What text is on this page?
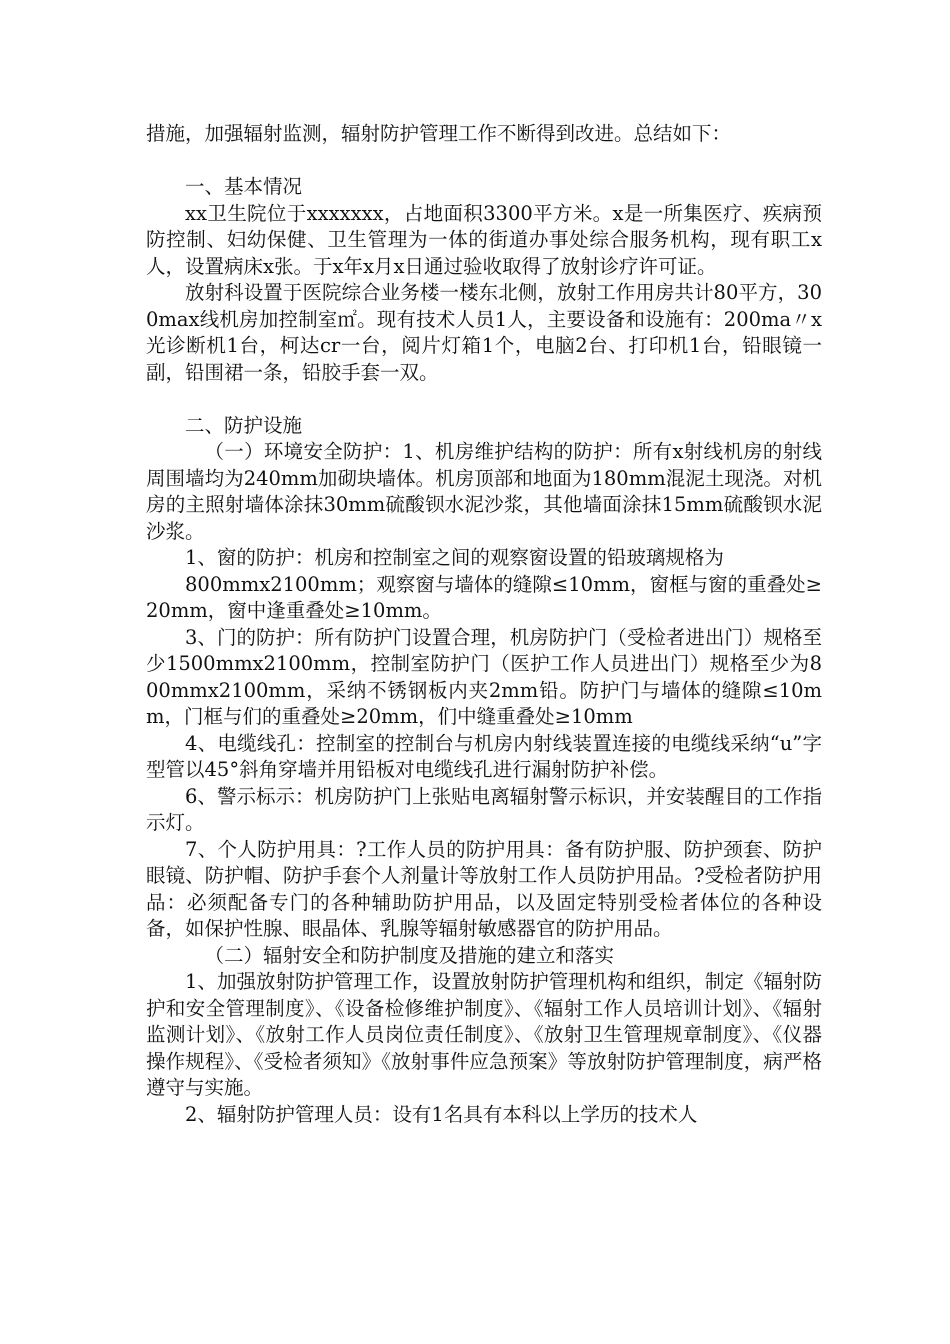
措施，加强辐射监测，辐射防护管理工作不断得到改进。总结如下：

一、基本情况

xx卫生院位于xxxxxxx，占地面积3300平方米。x是一所集医疗、疾病预防控制、妇幼保健、卫生管理为一体的街道办事处综合服务机构，现有职工x人，设置病床x张。于x年x月x日通过验收取得了放射诊疗许可证。

放射科设置于医院综合业务楼一楼东北侧，放射工作用房共计80平方，300max线机房加控制室㎡。现有技术人员1人，主要设备和设施有：200ma〃x光诊断机1台，柯达cr一台，阅片灯箱1个，电脑2台、打印机1台，铅眼镜一副，铅围裙一条，铅胶手套一双。

二、防护设施

（一）环境安全防护：1、机房维护结构的防护：所有x射线机房的射线周围墙均为240mm加砌块墙体。机房顶部和地面为180mm混泥土现浇。对机房的主照射墙体涂抹30mm硫酸钡水泥沙浆，其他墙面涂抹15mm硫酸钡水泥沙浆。

1、窗的防护：机房和控制室之间的观察窗设置的铅玻璃规格为

800mmx2100mm；观察窗与墙体的缝隙≤10mm，窗框与窗的重叠处≥20mm，窗中逢重叠处≥10mm。

3、门的防护：所有防护门设置合理，机房防护门（受检者进出门）规格至少1500mmx2100mm，控制室防护门（医护工作人员进出门）规格至少为800mmx2100mm，采纳不锈钢板内夹2mm铅。防护门与墙体的缝隙≤10mm，门框与们的重叠处≥20mm，们中缝重叠处≥10mm

4、电缆线孔：控制室的控制台与机房内射线装置连接的电缆线采纳“u”字型管以45°斜角穿墙并用铅板对电缆线孔进行漏射防护补偿。

6、警示标示：机房防护门上张贴电离辐射警示标识，并安装醒目的工作指示灯。

7、个人防护用具：?工作人员的防护用具：备有防护服、防护颈套、防护眼镜、防护帽、防护手套个人剂量计等放射工作人员防护用品。?受检者防护用品：必须配备专门的各种辅助防护用品，以及固定特别受检者体位的各种设备，如保护性腺、眼晶体、乳腺等辐射敏感器官的防护用品。

（二）辐射安全和防护制度及措施的建立和落实

1、加强放射防护管理工作，设置放射防护管理机构和组织，制定《辐射防护和安全管理制度》、《设备检修维护制度》、《辐射工作人员培训计划》、《辐射监测计划》、《放射工作人员岗位责任制度》、《放射卫生管理规章制度》、《仪器操作规程》、《受检者须知》《放射事件应急预案》等放射防护管理制度，病严格遵守与实施。

2、辐射防护管理人员：设有1名具有本科以上学历的技术人
